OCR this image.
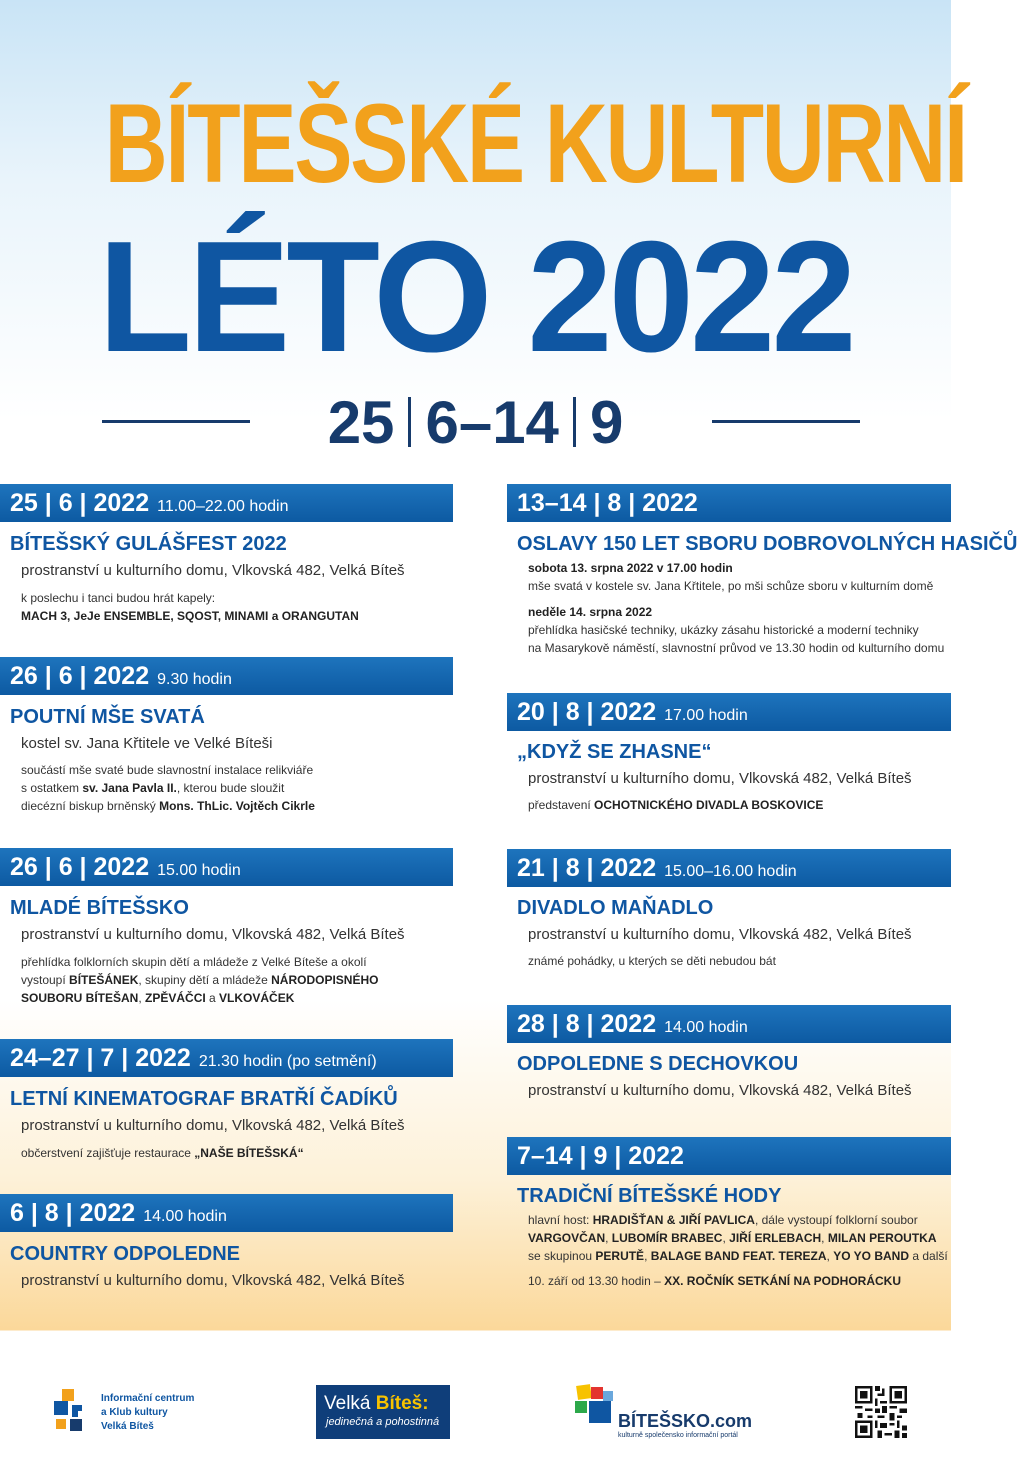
BÍTEŠSKÉ KULTURNÍ
LÉTO 2022
25 6–14 9
25 | 6 | 2022 11.00–22.00 hodin
BÍTEŠSKÝ GULÁŠFEST 2022
prostranství u kulturního domu, Vlkovská 482, Velká Bíteš
k poslechu i tanci budou hrát kapely:
MACH 3, JeJe ENSEMBLE, SQOST, MINAMI a ORANGUTAN
26 | 6 | 2022 9.30 hodin
POUTNÍ MŠE SVATÁ
kostel sv. Jana Křtitele ve Velké Bíteši
součástí mše svaté bude slavnostní instalace relikviáře
s ostatkem sv. Jana Pavla II., kterou bude sloužit
diecézní biskup brněnský Mons. ThLic. Vojtěch Cikrle
26 | 6 | 2022 15.00 hodin
MLADÉ BÍTEŠSKO
prostranství u kulturního domu, Vlkovská 482, Velká Bíteš
přehlídka folklorních skupin dětí a mládeže z Velké Bíteše a okolí
vystoupí BÍTEŠÁNEK, skupiny dětí a mládeže NÁRODOPISNÉHO
SOUBORU BÍTEŠAN, ZPĚVÁČCI a VLKOVÁČEK
24–27 | 7 | 2022 21.30 hodin (po setmění)
LETNÍ KINEMATOGRAF BRATŘÍ ČADÍKŮ
prostranství u kulturního domu, Vlkovská 482, Velká Bíteš
občerstvení zajišťuje restaurace „NAŠE BÍTEŠSKÁ“
6 | 8 | 2022 14.00 hodin
COUNTRY ODPOLEDNE
prostranství u kulturního domu, Vlkovská 482, Velká Bíteš
13–14 | 8 | 2022
OSLAVY 150 LET SBORU DOBROVOLNÝCH HASIČŮ
sobota 13. srpna 2022 v 17.00 hodin
mše svatá v kostele sv. Jana Křtitele, po mši schůze sboru v kulturním domě
neděle 14. srpna 2022
přehlídka hasičské techniky, ukázky zásahu historické a moderní techniky
na Masarykově náměstí, slavnostní průvod ve 13.30 hodin od kulturního domu
20 | 8 | 2022 17.00 hodin
„KDYŽ SE ZHASNE“
prostranství u kulturního domu, Vlkovská 482, Velká Bíteš
představení OCHOTNICKÉHO DIVADLA BOSKOVICE
21 | 8 | 2022 15.00–16.00 hodin
DIVADLO MAŇADLO
prostranství u kulturního domu, Vlkovská 482, Velká Bíteš
známé pohádky, u kterých se děti nebudou bát
28 | 8 | 2022 14.00 hodin
ODPOLEDNE S DECHOVKOU
prostranství u kulturního domu, Vlkovská 482, Velká Bíteš
7–14 | 9 | 2022
TRADIČNÍ BÍTEŠSKÉ HODY
hlavní host: HRADIŠŤAN & JIŘÍ PAVLICA, dále vystoupí folklorní soubor
VARGOVČAN, LUBOMÍR BRABEC, JIŘÍ ERLEBACH, MILAN PEROUTKA
se skupinou PERUTĚ, BALAGE BAND FEAT. TEREZA, YO YO BAND a další
10. září od 13.30 hodin – XX. ROČNÍK SETKÁNÍ NA PODHORÁCKU
Informační centrum
a Klub kultury
Velká Bíteš
Velká Bíteš:
jedinečná a pohostinná	BÍTEŠSKO.com
kulturně společensko informační portál
